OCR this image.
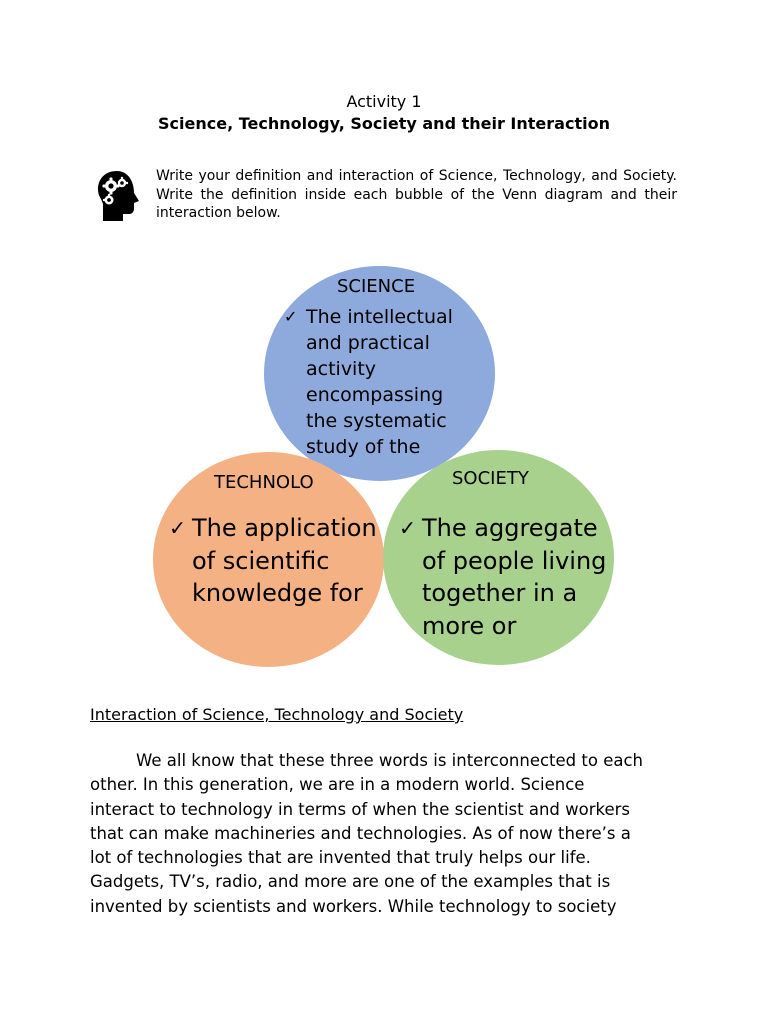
Activity 1
Science, Technology, Society and their Interaction
Write your definition and interaction of Science, Technology, and Society. Write the definition inside each bubble of the Venn diagram and their interaction below.
SCIENCE
✓ The intellectual and practical activity encompassing the systematic study of the
TECHNOLO
✓ The application of scientific knowledge for
SOCIETY
✓ The aggregate of people living together in a more or
Interaction of Science, Technology and Society

We all know that these three words is interconnected to each

other. In this generation, we are in a modern world. Science

interact to technology in terms of when the scientist and workers

that can make machineries and technologies. As of now there’s a

lot of technologies that are invented that truly helps our life.

Gadgets, TV’s, radio, and more are one of the examples that is

invented by scientists and workers. While technology to society
